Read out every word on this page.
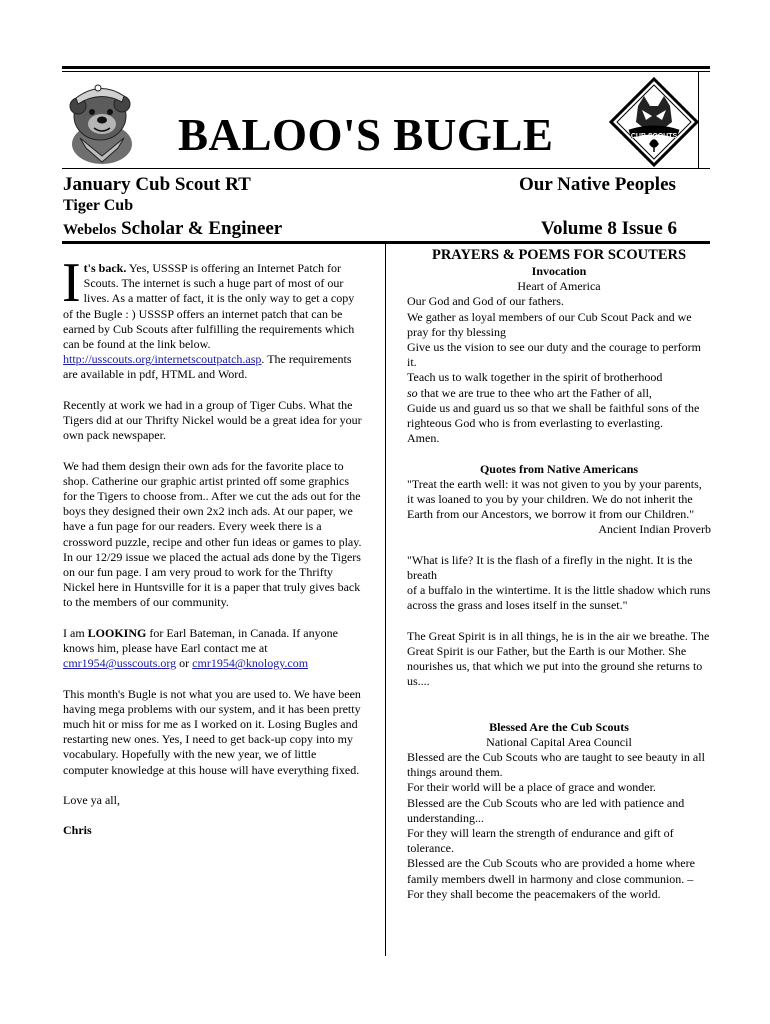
CUB SCOUTS
BALOO'S BUGLE
January Cub Scout RT	Our Native Peoples
Tiger Cub
Webelos Scholar & Engineer	Volume 8 Issue 6

It's back. Yes, USSSP is offering an Internet Patch for Scouts. The internet is such a huge part of most of our lives. As a matter of fact, it is the only way to get a copy of the Bugle : ) USSSP offers an internet patch that can be earned by Cub Scouts after fulfilling the requirements which can be found at the link below. http://usscouts.org/internetscoutpatch.asp. The requirements are available in pdf, HTML and Word.

Recently at work we had in a group of Tiger Cubs. What the Tigers did at our Thrifty Nickel would be a great idea for your own pack newspaper.

We had them design their own ads for the favorite place to shop. Catherine our graphic artist printed off some graphics for the Tigers to choose from.. After we cut the ads out for the boys they designed their own 2x2 inch ads. At our paper, we have a fun page for our readers. Every week there is a crossword puzzle, recipe and other fun ideas or games to play. In our 12/29 issue we placed the actual ads done by the Tigers on our fun page. I am very proud to work for the Thrifty Nickel here in Huntsville for it is a paper that truly gives back to the members of our community.

I am LOOKING for Earl Bateman, in Canada. If anyone knows him, please have Earl contact me at cmr1954@usscouts.org or cmr1954@knology.com

This month's Bugle is not what you are used to. We have been having mega problems with our system, and it has been pretty much hit or miss for me as I worked on it. Losing Bugles and restarting new ones. Yes, I need to get back-up copy into my vocabulary. Hopefully with the new year, we of little computer knowledge at this house will have everything fixed.

Love ya all,

Chris

PRAYERS & POEMS FOR SCOUTERS

Invocation

Heart of America

Our God and God of our fathers.

We gather as loyal members of our Cub Scout Pack and we pray for thy blessing

Give us the vision to see our duty and the courage to perform it.

Teach us to walk together in the spirit of brotherhood

so that we are true to thee who art the Father of all,

Guide us and guard us so that we shall be faithful sons of the righteous God who is from everlasting to everlasting.

Amen.

Quotes from Native Americans

"Treat the earth well: it was not given to you by your parents, it was loaned to you by your children. We do not inherit the Earth from our Ancestors, we borrow it from our Children."

Ancient Indian Proverb

"What is life? It is the flash of a firefly in the night. It is the breath

of a buffalo in the wintertime. It is the little shadow which runs across the grass and loses itself in the sunset."

The Great Spirit is in all things, he is in the air we breathe. The Great Spirit is our Father, but the Earth is our Mother. She nourishes us, that which we put into the ground she returns to us....

Blessed Are the Cub Scouts

National Capital Area Council

Blessed are the Cub Scouts who are taught to see beauty in all things around them.

For their world will be a place of grace and wonder.

Blessed are the Cub Scouts who are led with patience and understanding...

For they will learn the strength of endurance and gift of tolerance.

Blessed are the Cub Scouts who are provided a home where family members dwell in harmony and close communion. –

For they shall become the peacemakers of the world.
